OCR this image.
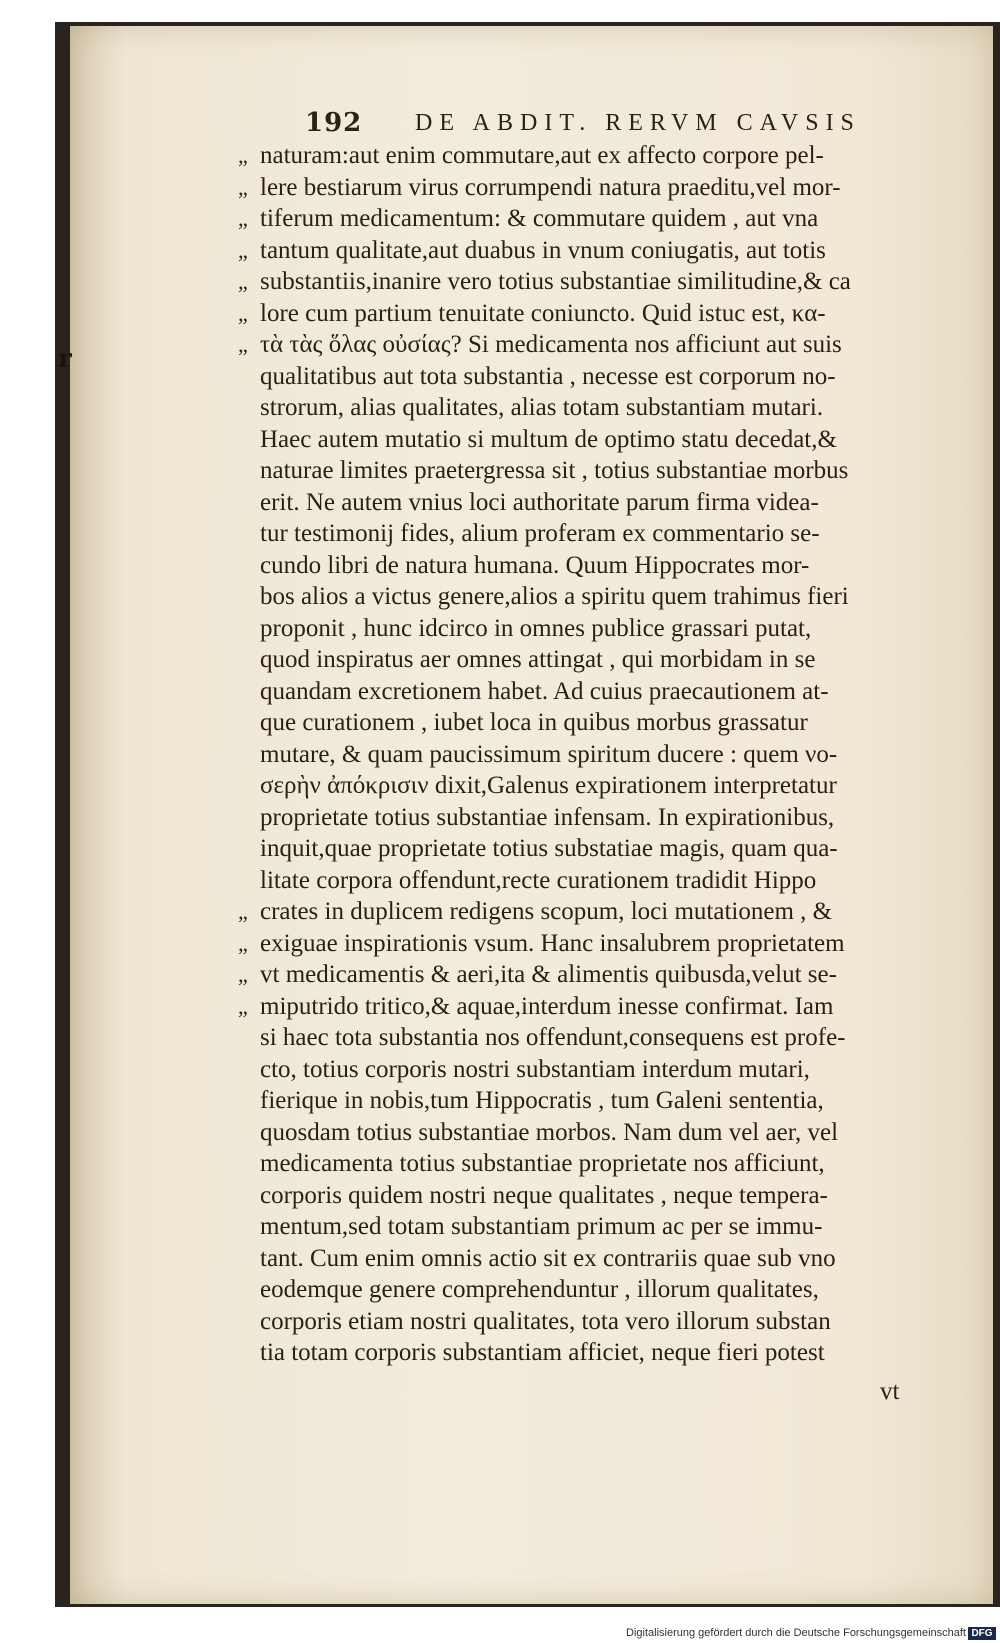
r
192 DE ABDIT. RERVM CAVSIS
„ naturam:aut enim commutare,aut ex affecto corpore pel-
„ lere bestiarum virus corrumpendi natura praeditu,vel mor-
„ tiferum medicamentum: & commutare quidem , aut vna
„ tantum qualitate,aut duabus in vnum coniugatis, aut totis
„ substantiis,inanire vero totius substantiae similitudine,& ca
„ lore cum partium tenuitate coniuncto. Quid istuc est, κα-
„ τὰ τὰς ὅλας οὐσίας? Si medicamenta nos afficiunt aut suis
qualitatibus aut tota substantia , necesse est corporum no-
strorum, alias qualitates, alias totam substantiam mutari.
Haec autem mutatio si multum de optimo statu decedat,&
naturae limites praetergressa sit , totius substantiae morbus
erit. Ne autem vnius loci authoritate parum firma videa-
tur testimonij fides, alium proferam ex commentario se-
cundo libri de natura humana. Quum Hippocrates mor-
bos alios a victus genere,alios a spiritu quem trahimus fieri
proponit , hunc idcirco in omnes publice grassari putat,
quod inspiratus aer omnes attingat , qui morbidam in se
quandam excretionem habet. Ad cuius praecautionem at-
que curationem , iubet loca in quibus morbus grassatur
mutare, & quam paucissimum spiritum ducere : quem νο-
σερὴν ἀπόκρισιν dixit,Galenus expirationem interpretatur
proprietate totius substantiae infensam. In expirationibus,
inquit,quae proprietate totius substatiae magis, quam qua-
litate corpora offendunt,recte curationem tradidit Hippo
„ crates in duplicem redigens scopum, loci mutationem , &
„ exiguae inspirationis vsum. Hanc insalubrem proprietatem
„ vt medicamentis & aeri,ita & alimentis quibusda,velut se-
„ miputrido tritico,& aquae,interdum inesse confirmat. Iam
si haec tota substantia nos offendunt,consequens est profe-
cto, totius corporis nostri substantiam interdum mutari,
fierique in nobis,tum Hippocratis , tum Galeni sententia,
quosdam totius substantiae morbos. Nam dum vel aer, vel
medicamenta totius substantiae proprietate nos afficiunt,
corporis quidem nostri neque qualitates , neque tempera-
mentum,sed totam substantiam primum ac per se immu-
tant. Cum enim omnis actio sit ex contrariis quae sub vno
eodemque genere comprehenduntur , illorum qualitates,
corporis etiam nostri qualitates, tota vero illorum substan
tia totam corporis substantiam afficiet, neque fieri potest
vt
Digitalisierung gefördert durch die Deutsche Forschungsgemeinschaft DFG
